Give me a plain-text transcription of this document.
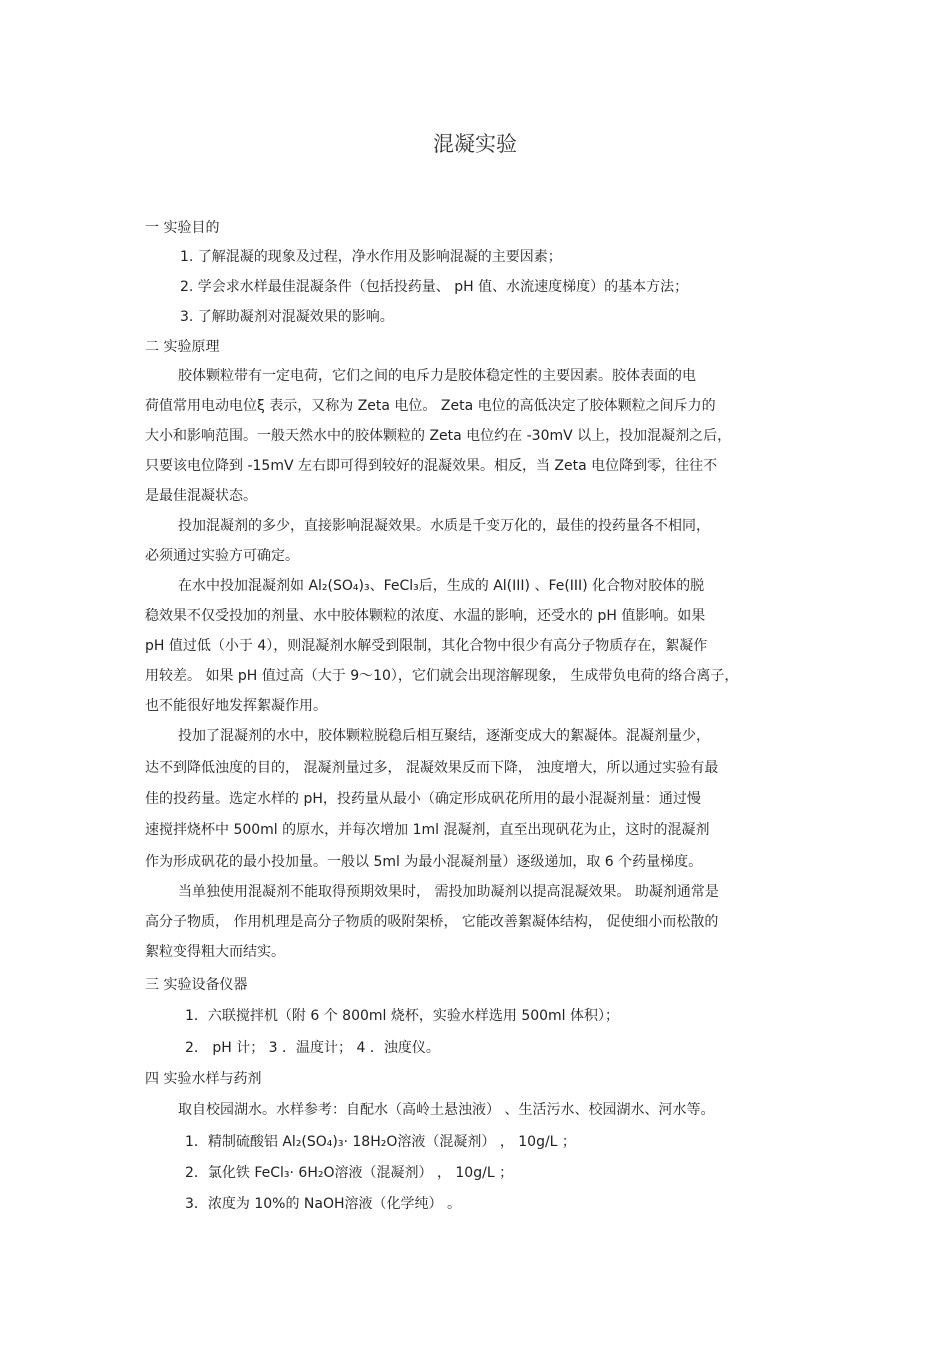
混凝实验
一 实验目的
1. 了解混凝的现象及过程，净水作用及影响混凝的主要因素；
2. 学会求水样最佳混凝条件（包括投药量、 pH 值、水流速度梯度）的基本方法；
3. 了解助凝剂对混凝效果的影响。
二 实验原理
胶体颗粒带有一定电荷，它们之间的电斥力是胶体稳定性的主要因素。胶体表面的电
荷值常用电动电位ξ 表示，又称为 Zeta 电位。 Zeta 电位的高低决定了胶体颗粒之间斥力的
大小和影响范围。一般天然水中的胶体颗粒的 Zeta 电位约在 -30mV 以上，投加混凝剂之后，
只要该电位降到 -15mV 左右即可得到较好的混凝效果。相反，当 Zeta 电位降到零，往往不
是最佳混凝状态。
投加混凝剂的多少，直接影响混凝效果。水质是千变万化的，最佳的投药量各不相同，
必须通过实验方可确定。
在水中投加混凝剂如 Al₂(SO₄)₃、FeCl₃后，生成的 Al(III) 、Fe(III) 化合物对胶体的脱
稳效果不仅受投加的剂量、水中胶体颗粒的浓度、水温的影响，还受水的 pH 值影响。如果
pH 值过低（小于 4），则混凝剂水解受到限制，其化合物中很少有高分子物质存在，絮凝作
用较差。 如果 pH 值过高（大于 9～10），它们就会出现溶解现象， 生成带负电荷的络合离子，
也不能很好地发挥絮凝作用。
投加了混凝剂的水中，胶体颗粒脱稳后相互聚结，逐渐变成大的絮凝体。混凝剂量少，
达不到降低浊度的目的， 混凝剂量过多， 混凝效果反而下降， 浊度增大，所以通过实验有最
佳的投药量。选定水样的 pH，投药量从最小（确定形成矾花所用的最小混凝剂量：通过慢
速搅拌烧杯中 500ml 的原水，并每次增加 1ml 混凝剂，直至出现矾花为止，这时的混凝剂
作为形成矾花的最小投加量。一般以 5ml 为最小混凝剂量）逐级递加，取 6 个药量梯度。
当单独使用混凝剂不能取得预期效果时， 需投加助凝剂以提高混凝效果。 助凝剂通常是
高分子物质， 作用机理是高分子物质的吸附架桥， 它能改善絮凝体结构， 促使细小而松散的
絮粒变得粗大而结实。
三 实验设备仪器
1．六联搅拌机（附 6 个 800ml 烧杯，实验水样选用 500ml 体积）；
2． pH 计； 3 ．温度计； 4 ．浊度仪。
四 实验水样与药剂
取自校园湖水。水样参考：自配水（高岭土悬浊液） 、生活污水、校园湖水、河水等。
1．精制硫酸铝 Al₂(SO₄)₃· 18H₂O溶液（混凝剂） ， 10g/L ；
2．氯化铁 FeCl₃· 6H₂O溶液（混凝剂） ， 10g/L ；
3．浓度为 10%的 NaOH溶液（化学纯） 。
